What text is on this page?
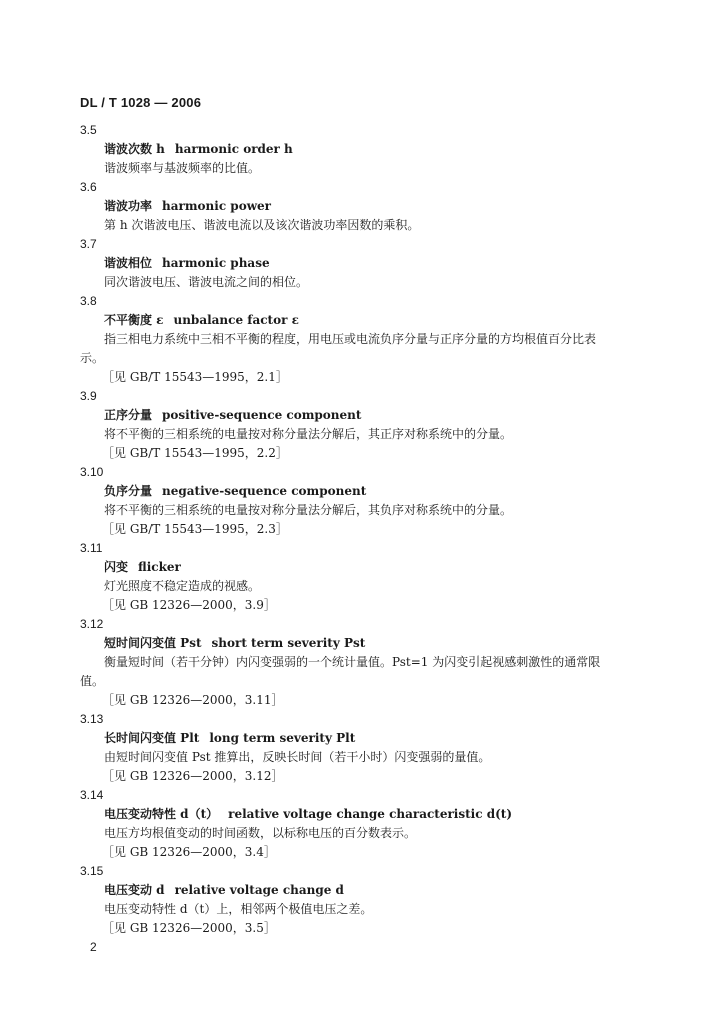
DL / T 1028 — 2006
3.5
谐波次数 h harmonic order h
谐波频率与基波频率的比值。
3.6
谐波功率 harmonic power
第 h 次谐波电压、谐波电流以及该次谐波功率因数的乘积。
3.7
谐波相位 harmonic phase
同次谐波电压、谐波电流之间的相位。
3.8
不平衡度 ε unbalance factor ε
指三相电力系统中三相不平衡的程度，用电压或电流负序分量与正序分量的方均根值百分比表
示。
［见 GB/T 15543—1995，2.1］
3.9
正序分量 positive-sequence component
将不平衡的三相系统的电量按对称分量法分解后，其正序对称系统中的分量。
［见 GB/T 15543—1995，2.2］
3.10
负序分量 negative-sequence component
将不平衡的三相系统的电量按对称分量法分解后，其负序对称系统中的分量。
［见 GB/T 15543—1995，2.3］
3.11
闪变 flicker
灯光照度不稳定造成的视感。
［见 GB 12326—2000，3.9］
3.12
短时间闪变值 Pst short term severity Pst
衡量短时间（若干分钟）内闪变强弱的一个统计量值。Pst=1 为闪变引起视感刺激性的通常限
值。
［见 GB 12326—2000，3.11］
3.13
长时间闪变值 Plt long term severity Plt
由短时间闪变值 Pst 推算出，反映长时间（若干小时）闪变强弱的量值。
［见 GB 12326—2000，3.12］
3.14
电压变动特性 d（t） relative voltage change characteristic d(t)
电压方均根值变动的时间函数，以标称电压的百分数表示。
［见 GB 12326—2000，3.4］
3.15
电压变动 d relative voltage change d
电压变动特性 d（t）上，相邻两个极值电压之差。
［见 GB 12326—2000，3.5］
2
